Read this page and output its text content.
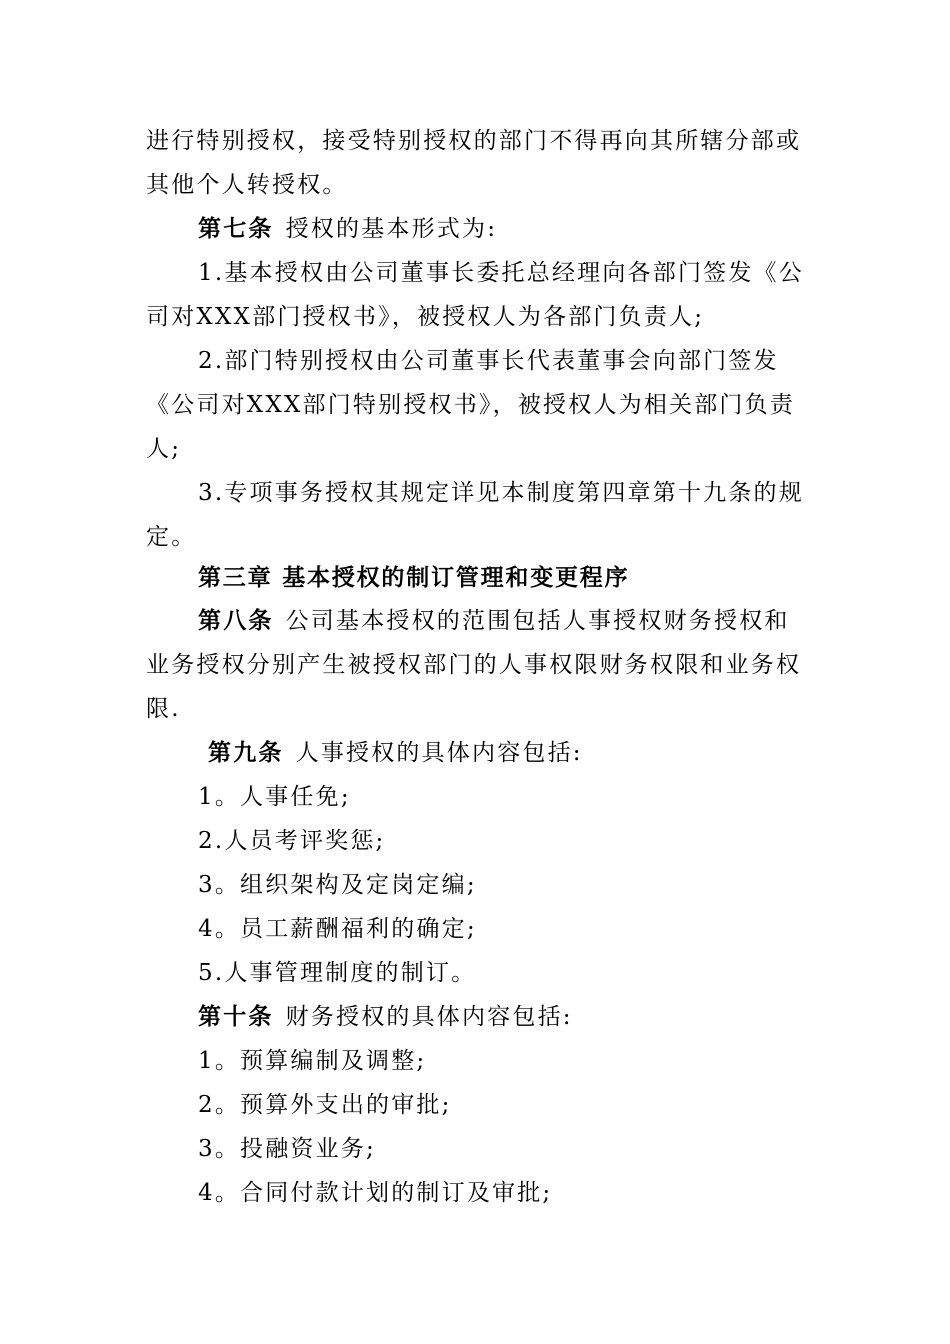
进行特别授权，接受特别授权的部门不得再向其所辖分部或其他个人转授权。

第七条 授权的基本形式为:

1.基本授权由公司董事长委托总经理向各部门签发《公司对XXX部门授权书》，被授权人为各部门负责人;

2.部门特别授权由公司董事长代表董事会向部门签发《公司对XXX部门特别授权书》，被授权人为相关部门负责人;

3.专项事务授权其规定详见本制度第四章第十九条的规定。

第三章 基本授权的制订管理和变更程序

第八条 公司基本授权的范围包括人事授权财务授权和业务授权分别产生被授权部门的人事权限财务权限和业务权限.

第九条 人事授权的具体内容包括:

1。人事任免;

2.人员考评奖惩;

3。组织架构及定岗定编;

4。员工薪酬福利的确定;

5.人事管理制度的制订。

第十条 财务授权的具体内容包括:

1。预算编制及调整;

2。预算外支出的审批;

3。投融资业务;

4。合同付款计划的制订及审批;
